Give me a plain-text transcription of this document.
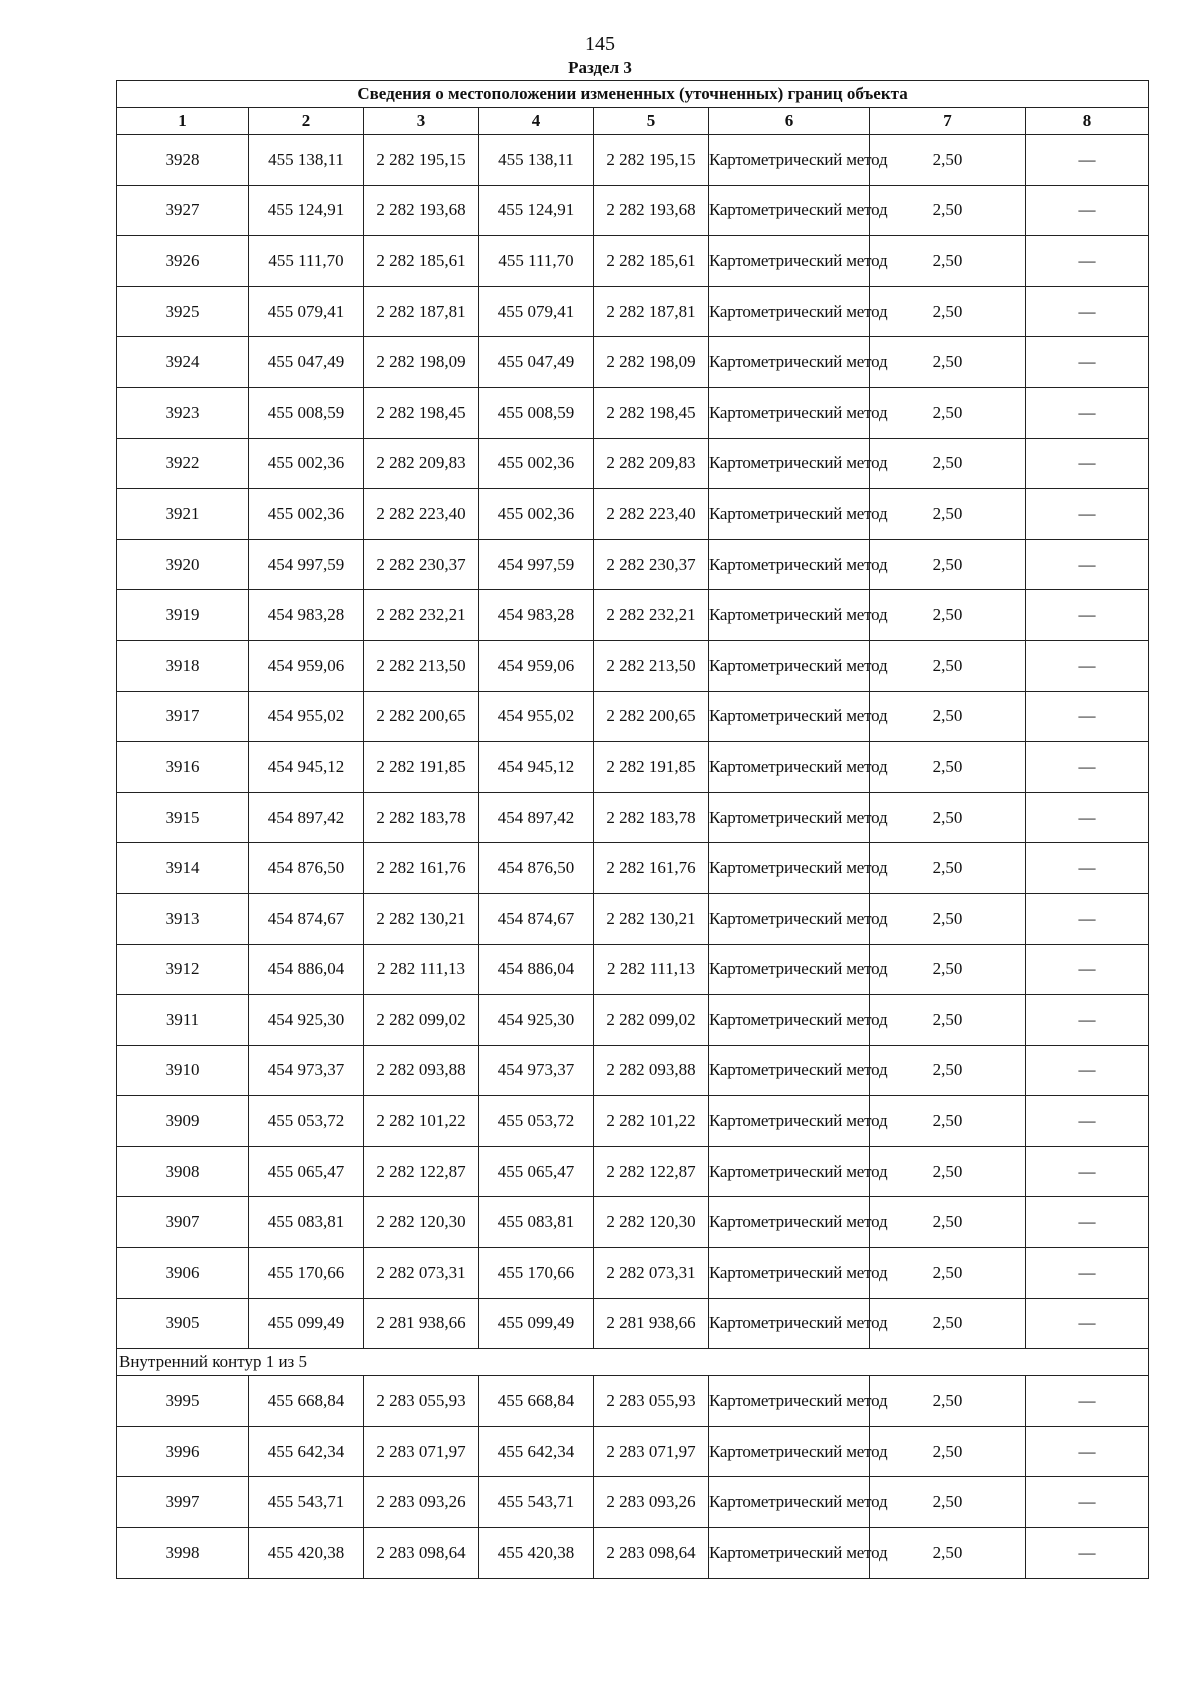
145
Раздел 3
Сведения о местоположении измененных (уточненных) границ объекта							
1	2	3	4	5	6	7	8
3928	455 138,11	2 282 195,15	455 138,11	2 282 195,15	Картометрический метод	2,50	—
3927	455 124,91	2 282 193,68	455 124,91	2 282 193,68	Картометрический метод	2,50	—
3926	455 111,70	2 282 185,61	455 111,70	2 282 185,61	Картометрический метод	2,50	—
3925	455 079,41	2 282 187,81	455 079,41	2 282 187,81	Картометрический метод	2,50	—
3924	455 047,49	2 282 198,09	455 047,49	2 282 198,09	Картометрический метод	2,50	—
3923	455 008,59	2 282 198,45	455 008,59	2 282 198,45	Картометрический метод	2,50	—
3922	455 002,36	2 282 209,83	455 002,36	2 282 209,83	Картометрический метод	2,50	—
3921	455 002,36	2 282 223,40	455 002,36	2 282 223,40	Картометрический метод	2,50	—
3920	454 997,59	2 282 230,37	454 997,59	2 282 230,37	Картометрический метод	2,50	—
3919	454 983,28	2 282 232,21	454 983,28	2 282 232,21	Картометрический метод	2,50	—
3918	454 959,06	2 282 213,50	454 959,06	2 282 213,50	Картометрический метод	2,50	—
3917	454 955,02	2 282 200,65	454 955,02	2 282 200,65	Картометрический метод	2,50	—
3916	454 945,12	2 282 191,85	454 945,12	2 282 191,85	Картометрический метод	2,50	—
3915	454 897,42	2 282 183,78	454 897,42	2 282 183,78	Картометрический метод	2,50	—
3914	454 876,50	2 282 161,76	454 876,50	2 282 161,76	Картометрический метод	2,50	—
3913	454 874,67	2 282 130,21	454 874,67	2 282 130,21	Картометрический метод	2,50	—
3912	454 886,04	2 282 111,13	454 886,04	2 282 111,13	Картометрический метод	2,50	—
3911	454 925,30	2 282 099,02	454 925,30	2 282 099,02	Картометрический метод	2,50	—
3910	454 973,37	2 282 093,88	454 973,37	2 282 093,88	Картометрический метод	2,50	—
3909	455 053,72	2 282 101,22	455 053,72	2 282 101,22	Картометрический метод	2,50	—
3908	455 065,47	2 282 122,87	455 065,47	2 282 122,87	Картометрический метод	2,50	—
3907	455 083,81	2 282 120,30	455 083,81	2 282 120,30	Картометрический метод	2,50	—
3906	455 170,66	2 282 073,31	455 170,66	2 282 073,31	Картометрический метод	2,50	—
3905	455 099,49	2 281 938,66	455 099,49	2 281 938,66	Картометрический метод	2,50	—
Внутренний контур 1 из 5							
3995	455 668,84	2 283 055,93	455 668,84	2 283 055,93	Картометрический метод	2,50	—
3996	455 642,34	2 283 071,97	455 642,34	2 283 071,97	Картометрический метод	2,50	—
3997	455 543,71	2 283 093,26	455 543,71	2 283 093,26	Картометрический метод	2,50	—
3998	455 420,38	2 283 098,64	455 420,38	2 283 098,64	Картометрический метод	2,50	—
